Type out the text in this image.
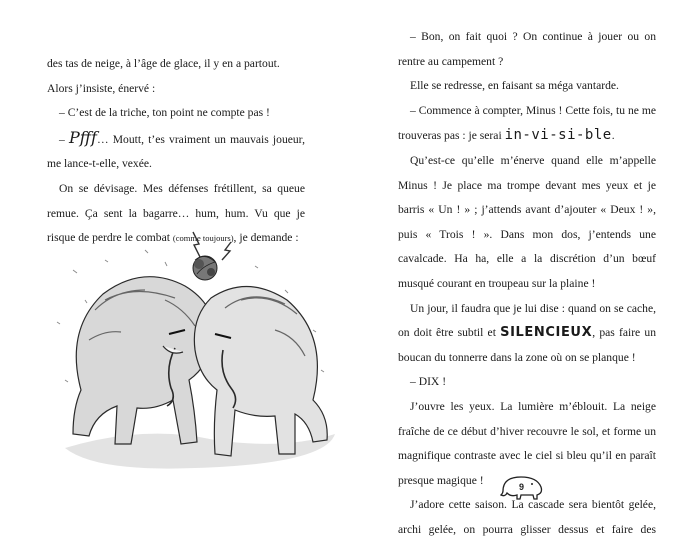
des tas de neige, à l’âge de glace, il y en a partout.

Alors j’insiste, énervé :

– C’est de la triche, ton point ne compte pas !

– Pfff… Moutt, t’es vraiment un mauvais joueur, me lance-t-elle, vexée.

On se dévisage. Mes défenses frétillent, sa queue remue. Ça sent la bagarre… hum, hum. Vu que je risque de perdre le combat (comme toujours), je demande :

– Bon, on fait quoi ? On continue à jouer ou on rentre au campement ?

Elle se redresse, en faisant sa méga vantarde.

– Commence à compter, Minus ! Cette fois, tu ne me trouveras pas : je serai in-vi-si-ble.

Qu’est-ce qu’elle m’énerve quand elle m’appelle Minus ! Je place ma trompe devant mes yeux et je barris « Un ! » ; j’attends avant d’ajouter « Deux ! », puis « Trois ! ». Dans mon dos, j’entends une cavalcade. Ha ha, elle a la discrétion d’un bœuf musqué courant en troupeau sur la plaine !

Un jour, il faudra que je lui dise : quand on se cache, on doit être subtil et SILENCIEUX, pas faire un boucan du tonnerre dans la zone où on se planque !

– DIX !

J’ouvre les yeux. La lumière m’éblouit. La neige fraîche de ce début d’hiver recouvre le sol, et forme un magnifique contraste avec le ciel si bleu qu’il en paraît presque magique !

J’adore cette saison. La cascade sera bientôt gelée, archi gelée, on pourra glisser dessus et faire des

9
